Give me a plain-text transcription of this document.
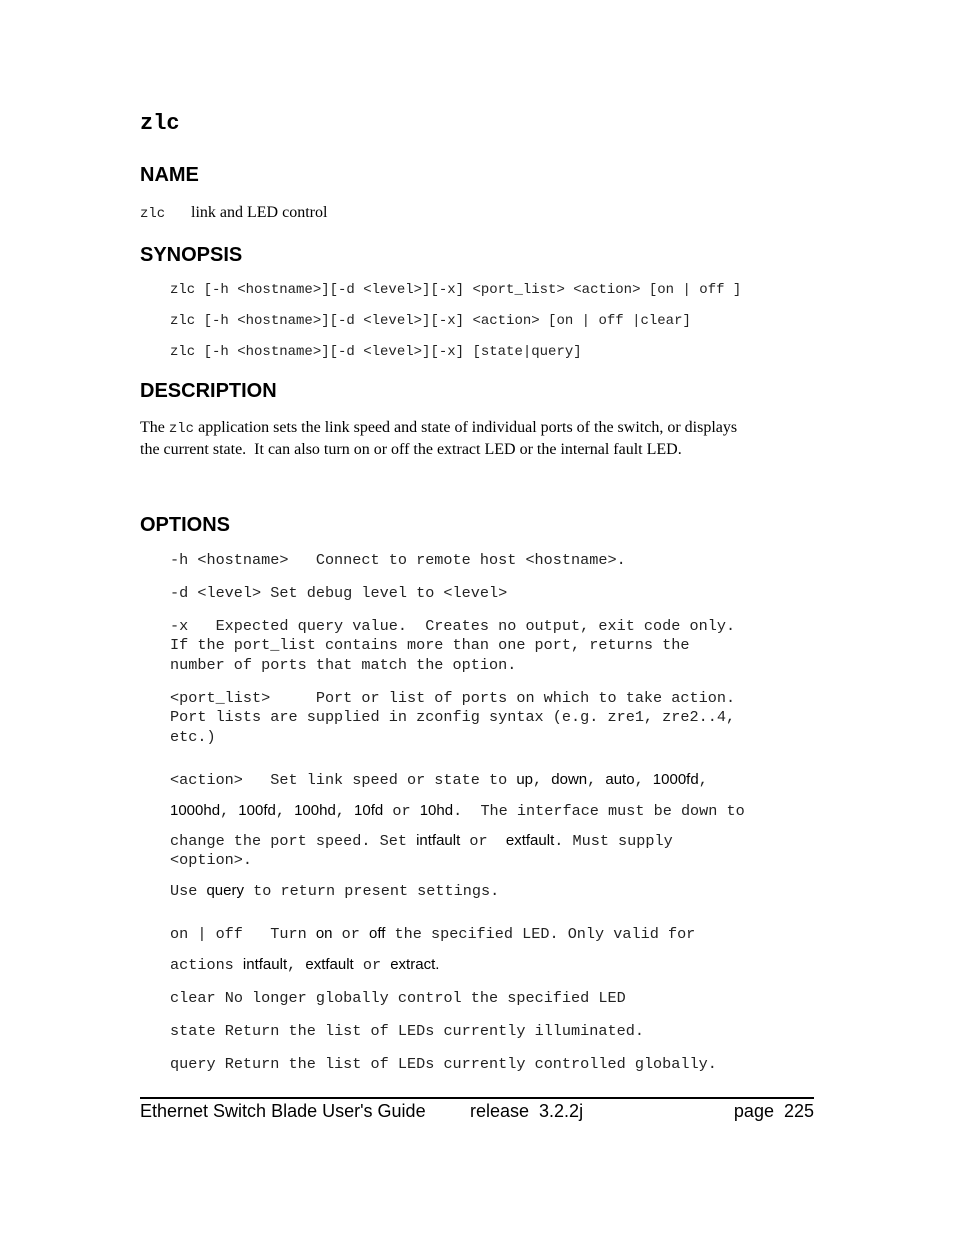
zlc
NAME
zlc link and LED control
SYNOPSIS
zlc [-h <hostname>][-d <level>][-x] <port_list> <action> [on | off ]
zlc [-h <hostname>][-d <level>][-x] <action> [on | off |clear]
zlc [-h <hostname>][-d <level>][-x] [state|query]
DESCRIPTION
The zlc application sets the link speed and state of individual ports of the switch, or displays
the current state.  It can also turn on or off the extract LED or the internal fault LED.
OPTIONS
-h <hostname>   Connect to remote host <hostname>.
-d <level> Set debug level to <level>
-x   Expected query value.  Creates no output, exit code only.
If the port_list contains more than one port, returns the
number of ports that match the option.
<port_list>     Port or list of ports on which to take action.
Port lists are supplied in zconfig syntax (e.g. zre1, zre2..4,
etc.)
<action>   Set link speed or state to up, down, auto, 1000fd,
1000hd, 100fd, 100hd, 10fd or 10hd.  The interface must be down to
change the port speed. Set intfault or extfault. Must supply
<option>.
Use query to return present settings.
on | off   Turn on or off the specified LED. Only valid for
actions intfault, extfault or extract.
clear No longer globally control the specified LED
state Return the list of LEDs currently illuminated.
query Return the list of LEDs currently controlled globally.
Ethernet Switch Blade User's Guide release  3.2.2j	page  225
